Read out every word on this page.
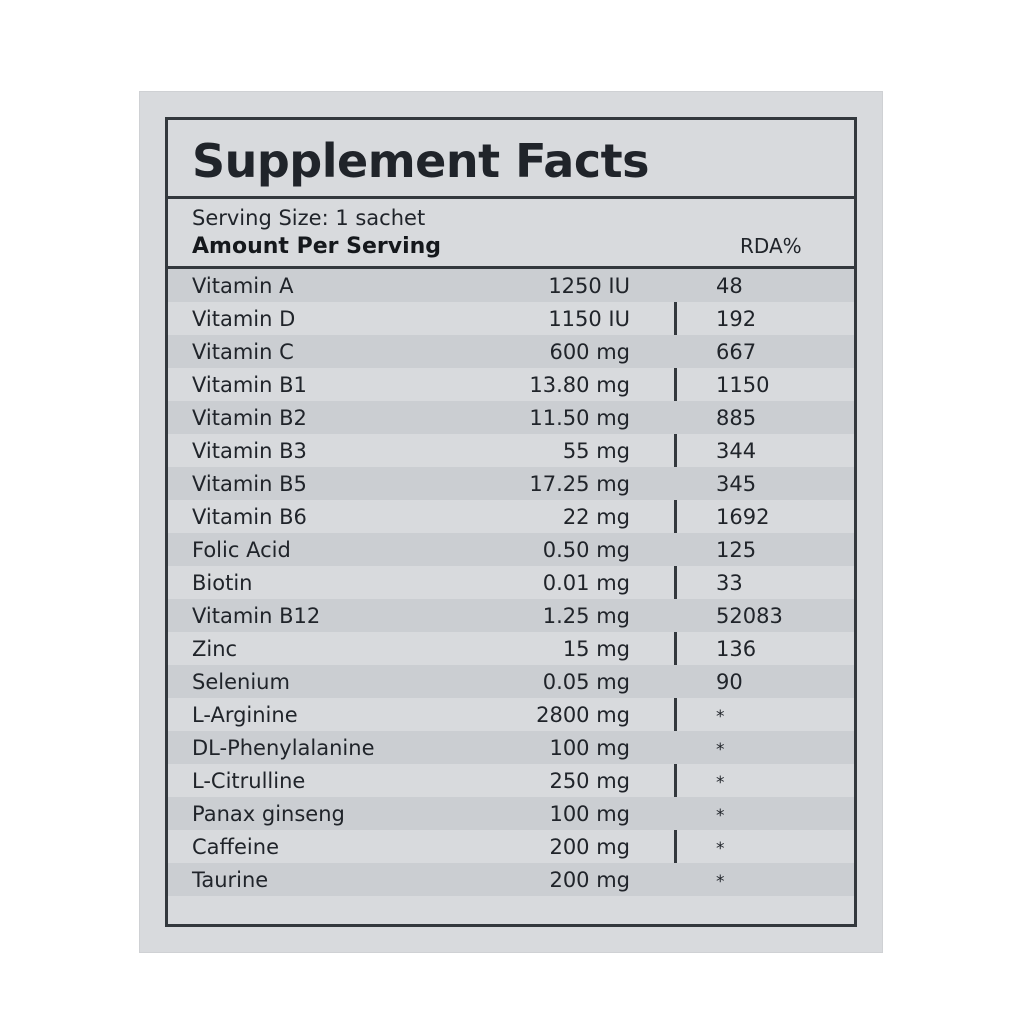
Supplement Facts
Serving Size: 1 sachet
Amount Per Serving	RDA%
Vitamin A	1250 IU	48
Vitamin D	1150 IU	192
Vitamin C	600 mg	667
Vitamin B1	13.80 mg	1150
Vitamin B2	11.50 mg	885
Vitamin B3	55 mg	344
Vitamin B5	17.25 mg	345
Vitamin B6	22 mg	1692
Folic Acid	0.50 mg	125
Biotin	0.01 mg	33
Vitamin B12	1.25 mg	52083
Zinc	15 mg	136
Selenium	0.05 mg	90
L-Arginine	2800 mg	*
DL-Phenylalanine	100 mg	*
L-Citrulline	250 mg	*
Panax ginseng	100 mg	*
Caffeine	200 mg	*
Taurine	200 mg	*
